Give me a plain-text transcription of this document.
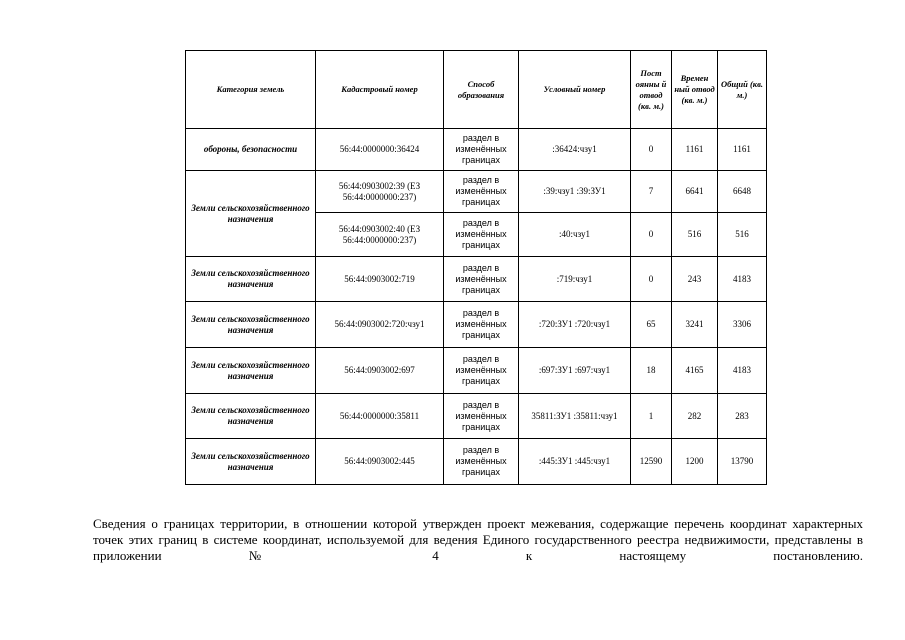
Категория земель	Кадастровый номер	Способ образования	Условный номер	Пост оянны й отвод (кв. м.)	Времен ный отвод (кв. м.)	Общий (кв. м.)
обороны, безопасности	56:44:0000000:36424	раздел в изменённых границах	:36424:чзу1	0	1161	1161
Земли сельскохозяйственного назначения	56:44:0903002:39 (ЕЗ 56:44:0000000:237)	раздел в изменённых границах	:39:чзу1 :39:ЗУ1	7	6641	6648
	56:44:0903002:40 (ЕЗ 56:44:0000000:237)	раздел в изменённых границах	:40:чзу1	0	516	516
Земли сельскохозяйственного назначения	56:44:0903002:719	раздел в изменённых границах	:719:чзу1	0	243	4183
Земли сельскохозяйственного назначения	56:44:0903002:720:чзу1	раздел в изменённых границах	:720:ЗУ1 :720:чзу1	65	3241	3306
Земли сельскохозяйственного назначения	56:44:0903002:697	раздел в изменённых границах	:697:ЗУ1 :697:чзу1	18	4165	4183
Земли сельскохозяйственного назначения	56:44:0000000:35811	раздел в изменённых границах	35811:ЗУ1 :35811:чзу1	1	282	283
Земли сельскохозяйственного назначения	56:44:0903002:445	раздел в изменённых границах	:445:ЗУ1 :445:чзу1	12590	1200	13790

Сведения о границах территории, в отношении которой утвержден проект межевания, содержащие перечень координат характерных точек этих границ в системе координат, используемой для ведения Единого государственного реестра недвижимости, представлены в приложении № 4 к настоящему постановлению.
